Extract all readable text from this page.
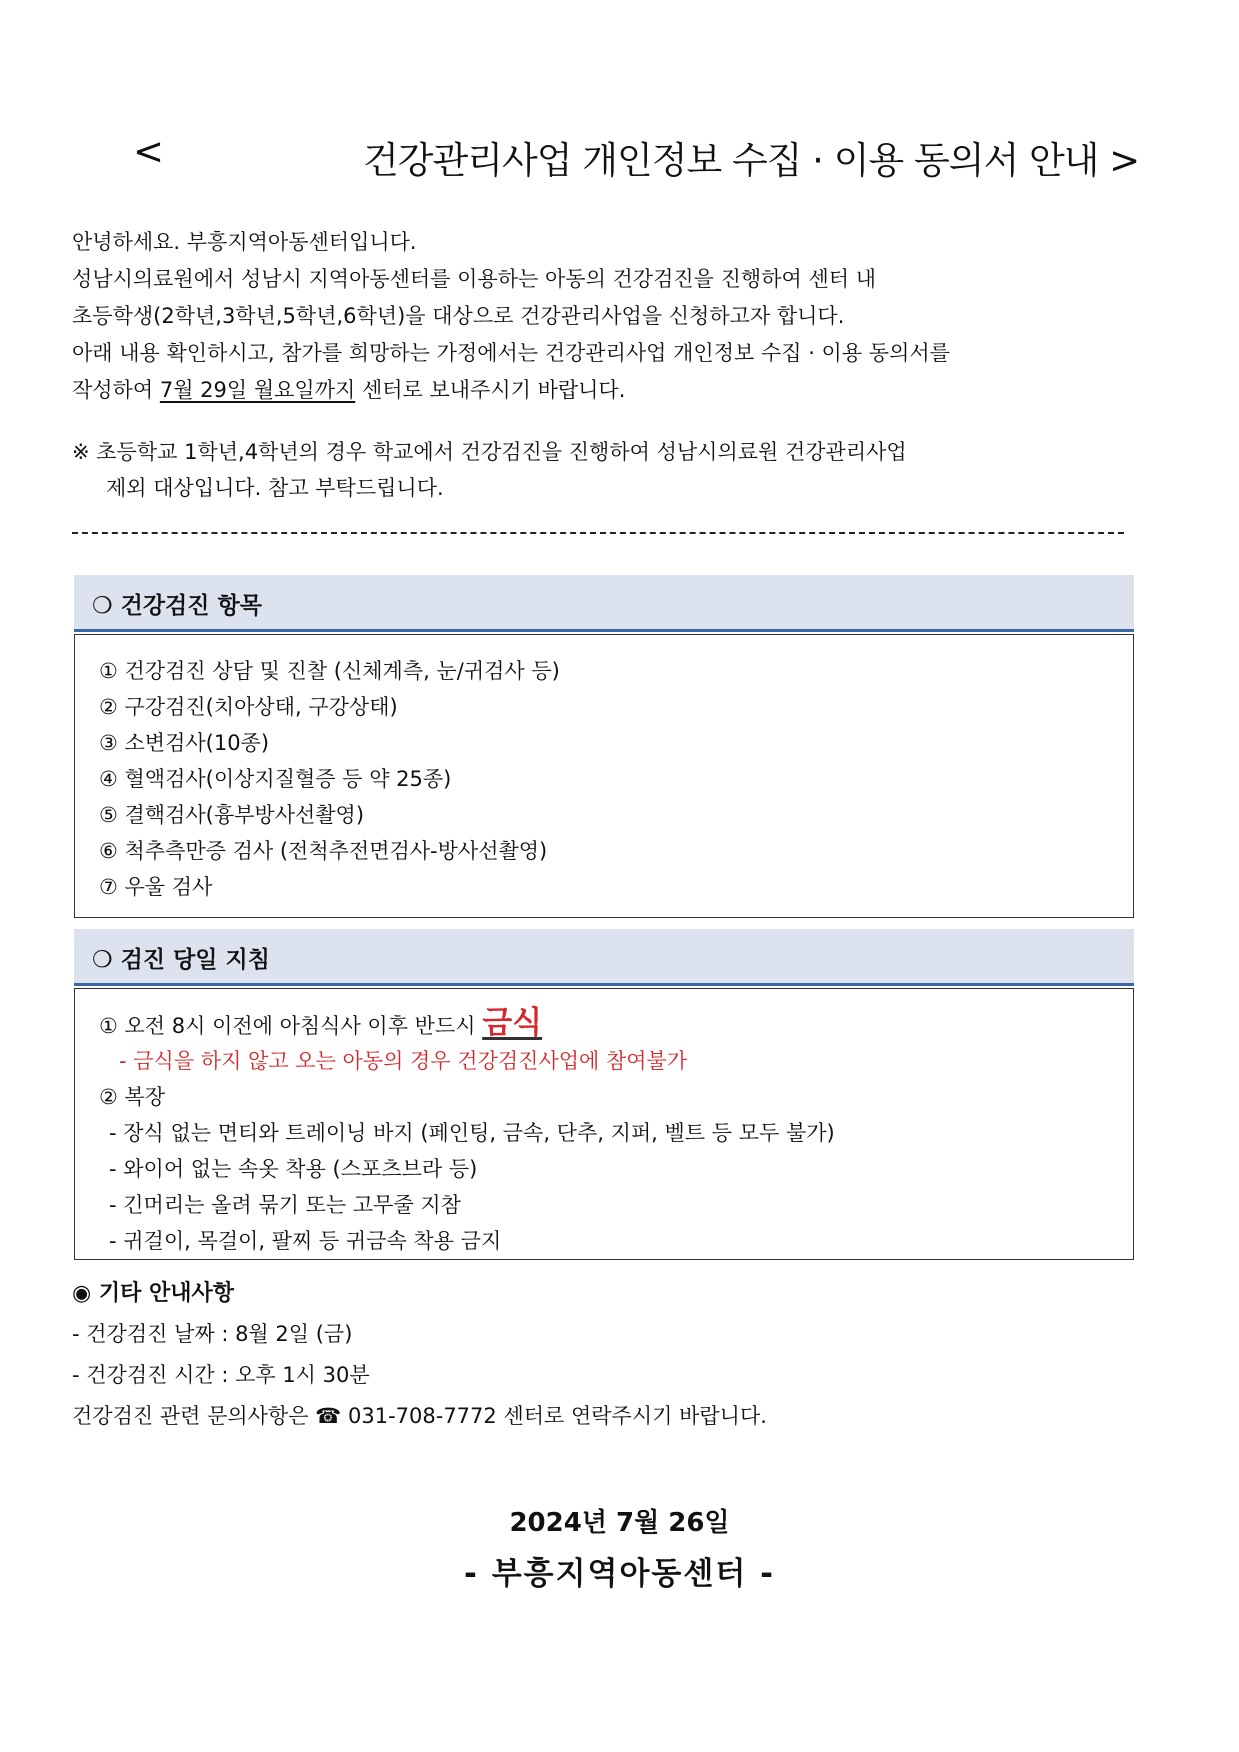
<	건강관리사업 개인정보 수집 · 이용 동의서 안내 >

안녕하세요. 부흥지역아동센터입니다.

성남시의료원에서 성남시 지역아동센터를 이용하는 아동의 건강검진을 진행하여 센터 내

초등학생(2학년,3학년,5학년,6학년)을 대상으로 건강관리사업을 신청하고자 합니다.

아래 내용 확인하시고, 참가를 희망하는 가정에서는 건강관리사업 개인정보 수집 · 이용 동의서를

작성하여 7월 29일 월요일까지 센터로 보내주시기 바랍니다.

※ 초등학교 1학년,4학년의 경우 학교에서 건강검진을 진행하여 성남시의료원 건강관리사업

제외 대상입니다. 참고 부탁드립니다.

❍ 건강검진 항목
① 건강검진 상담 및 진찰 (신체계측, 눈/귀검사 등)
② 구강검진(치아상태, 구강상태)
③ 소변검사(10종)
④ 혈액검사(이상지질혈증 등 약 25종)
⑤ 결핵검사(흉부방사선촬영)
⑥ 척추측만증 검사 (전척추전면검사-방사선촬영)
⑦ 우울 검사
❍ 검진 당일 지침
① 오전 8시 이전에 아침식사 이후 반드시 금식
- 금식을 하지 않고 오는 아동의 경우 건강검진사업에 참여불가
② 복장
- 장식 없는 면티와 트레이닝 바지 (페인팅, 금속, 단추, 지퍼, 벨트 등 모두 불가)
- 와이어 없는 속옷 착용 (스포츠브라 등)
- 긴머리는 올려 묶기 또는 고무줄 지참
- 귀걸이, 목걸이, 팔찌 등 귀금속 착용 금지
◉ 기타 안내사항
- 건강검진 날짜 : 8월 2일 (금)
- 건강검진 시간 : 오후 1시 30분
건강검진 관련 문의사항은 ☎ 031-708-7772 센터로 연락주시기 바랍니다.
2024년 7월 26일
- 부흥지역아동센터 -
